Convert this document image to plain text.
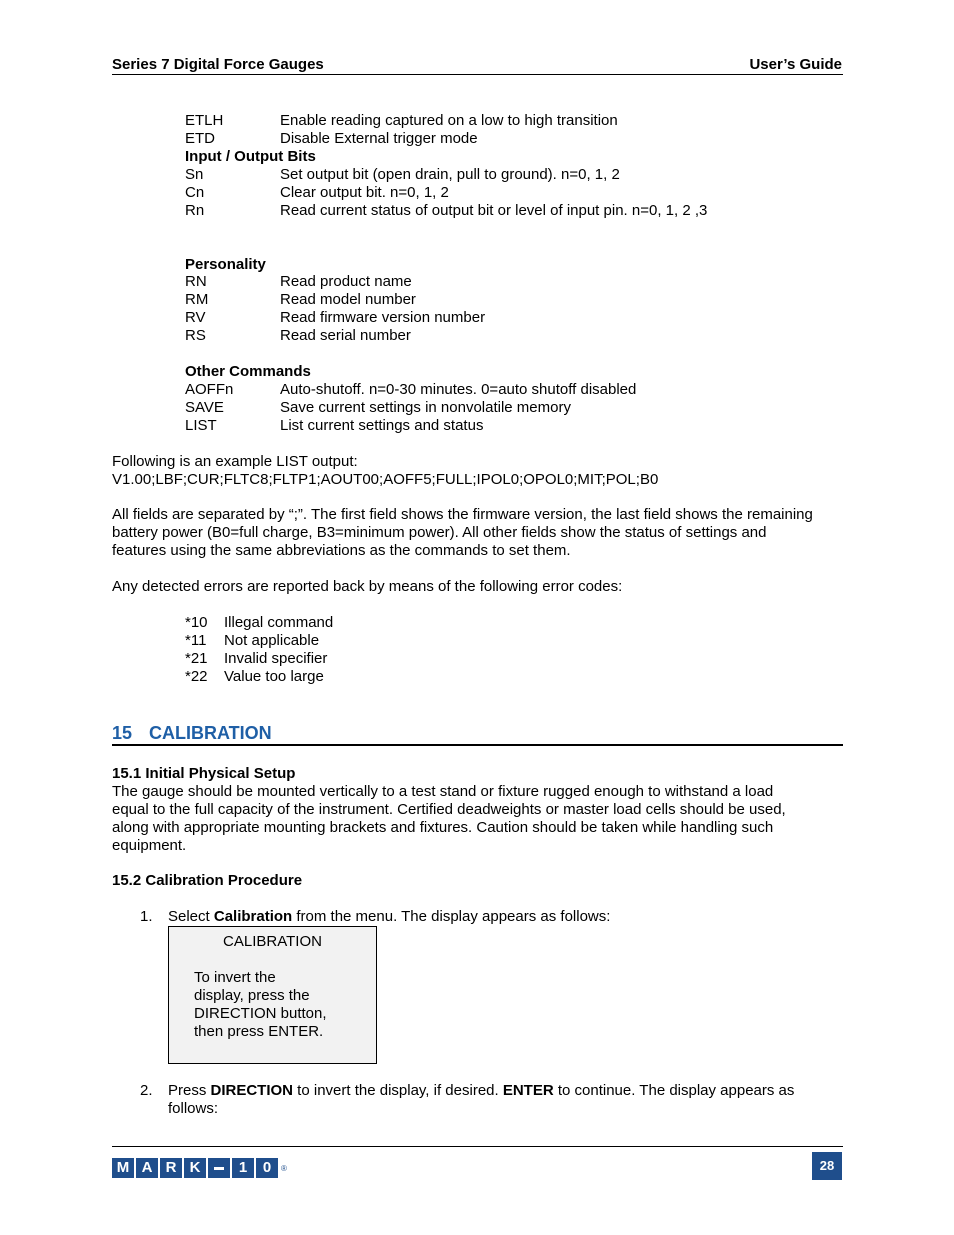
Series 7 Digital Force Gauges	User’s Guide
ETLH	Enable reading captured on a low to high transition
ETD	Disable External trigger mode
Input / Output Bits
Sn	Set output bit (open drain, pull to ground). n=0, 1, 2
Cn	Clear output bit. n=0, 1, 2
Rn	Read current status of output bit or level of input pin. n=0, 1, 2 ,3
Personality
RN	Read product name
RM	Read model number
RV	Read firmware version number
RS	Read serial number
Other Commands
AOFFn	Auto-shutoff. n=0-30 minutes. 0=auto shutoff disabled
SAVE	Save current settings in nonvolatile memory
LIST	List current settings and status
Following is an example LIST output:
V1.00;LBF;CUR;FLTC8;FLTP1;AOUT00;AOFF5;FULL;IPOL0;OPOL0;MIT;POL;B0
All fields are separated by “;”. The first field shows the firmware version, the last field shows the remaining
battery power (B0=full charge, B3=minimum power). All other fields show the status of settings and
features using the same abbreviations as the commands to set them.
Any detected errors are reported back by means of the following error codes:
*10 Illegal command
*11 Not applicable
*21 Invalid specifier
*22 Value too large
15 CALIBRATION
15.1 Initial Physical Setup
The gauge should be mounted vertically to a test stand or fixture rugged enough to withstand a load
equal to the full capacity of the instrument. Certified deadweights or master load cells should be used,
along with appropriate mounting brackets and fixtures. Caution should be taken while handling such
equipment.
15.2 Calibration Procedure
1. Select Calibration from the menu. The display appears as follows:
CALIBRATION
To invert the
display, press the
DIRECTION button,
then press ENTER.
2. Press DIRECTION to invert the display, if desired. ENTER to continue. The display appears as
follows:
M A R K	1	0	®	28
